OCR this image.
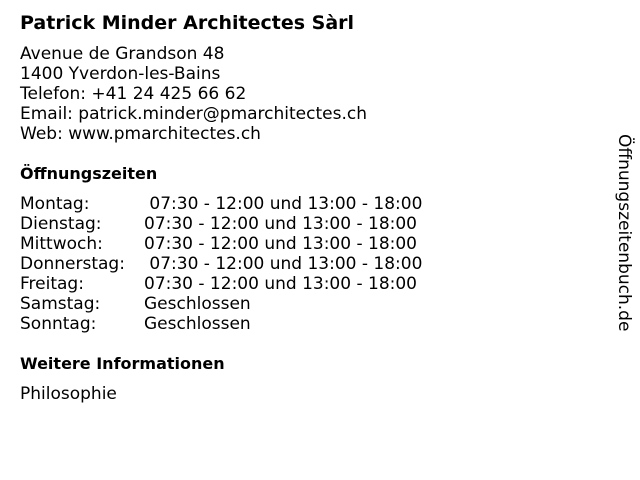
Patrick Minder Architectes Sàrl
Avenue de Grandson 48
1400 Yverdon-les-Bains
Telefon: +41 24 425 66 62
Email: patrick.minder@pmarchitectes.ch
Web: www.pmarchitectes.ch
Öffnungszeiten
Montag:	07:30 - 12:00 und 13:00 - 18:00
Dienstag:	07:30 - 12:00 und 13:00 - 18:00
Mittwoch:	07:30 - 12:00 und 13:00 - 18:00
Donnerstag:	07:30 - 12:00 und 13:00 - 18:00
Freitag:	07:30 - 12:00 und 13:00 - 18:00
Samstag:	Geschlossen
Sonntag:	Geschlossen
Weitere Informationen
Philosophie
Öffnungszeitenbuch.de
